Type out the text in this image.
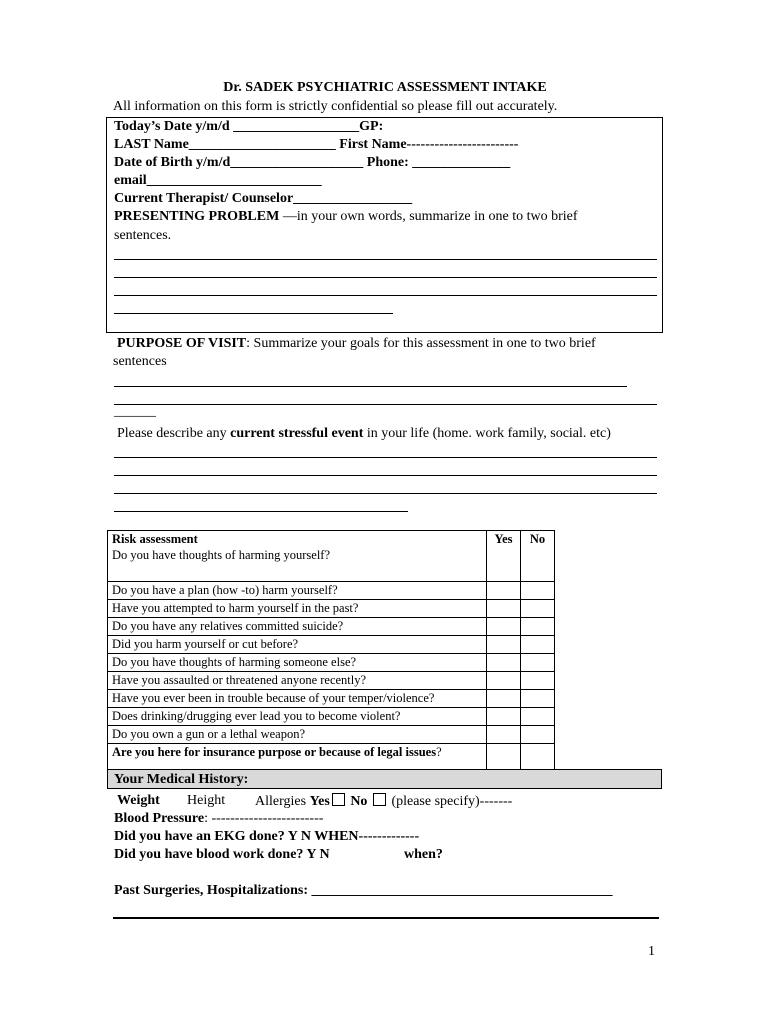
Dr. SADEK PSYCHIATRIC ASSESSMENT INTAKE
All information on this form is strictly confidential so please fill out accurately.
Today’s Date y/m/d __________________GP:
LAST Name_____________________ First Name------------------------
Date of Birth y/m/d___________________ Phone: ______________
email_________________________
Current Therapist/ Counselor_________________
PRESENTING PROBLEM —in your own words, summarize in one to two brief
sentences.
PURPOSE OF VISIT: Summarize your goals for this assessment in one to two brief
sentences
______
Please describe any current stressful event in your life (home. work family, social. etc)
Risk assessment
Do you have thoughts of harming yourself?	Yes	No
Do you have a plan (how -to) harm yourself?		
Have you attempted to harm yourself in the past?		
Do you have any relatives committed suicide?		
Did you harm yourself or cut before?		
Do you have thoughts of harming someone else?		
Have you assaulted or threatened anyone recently?		
Have you ever been in trouble because of your temper/violence?		
Does drinking/drugging ever lead you to become violent?		
Do you own a gun or a lethal weapon?		
Are you here for insurance purpose or because of legal issues?		
Your Medical History:
Weight Height Allergies Yes No (please specify)-------
Blood Pressure: ------------------------
Did you have an EKG done? Y N WHEN-------------
Did you have blood work done? Y N	when?
Past Surgeries, Hospitalizations: ___________________________________________
1
